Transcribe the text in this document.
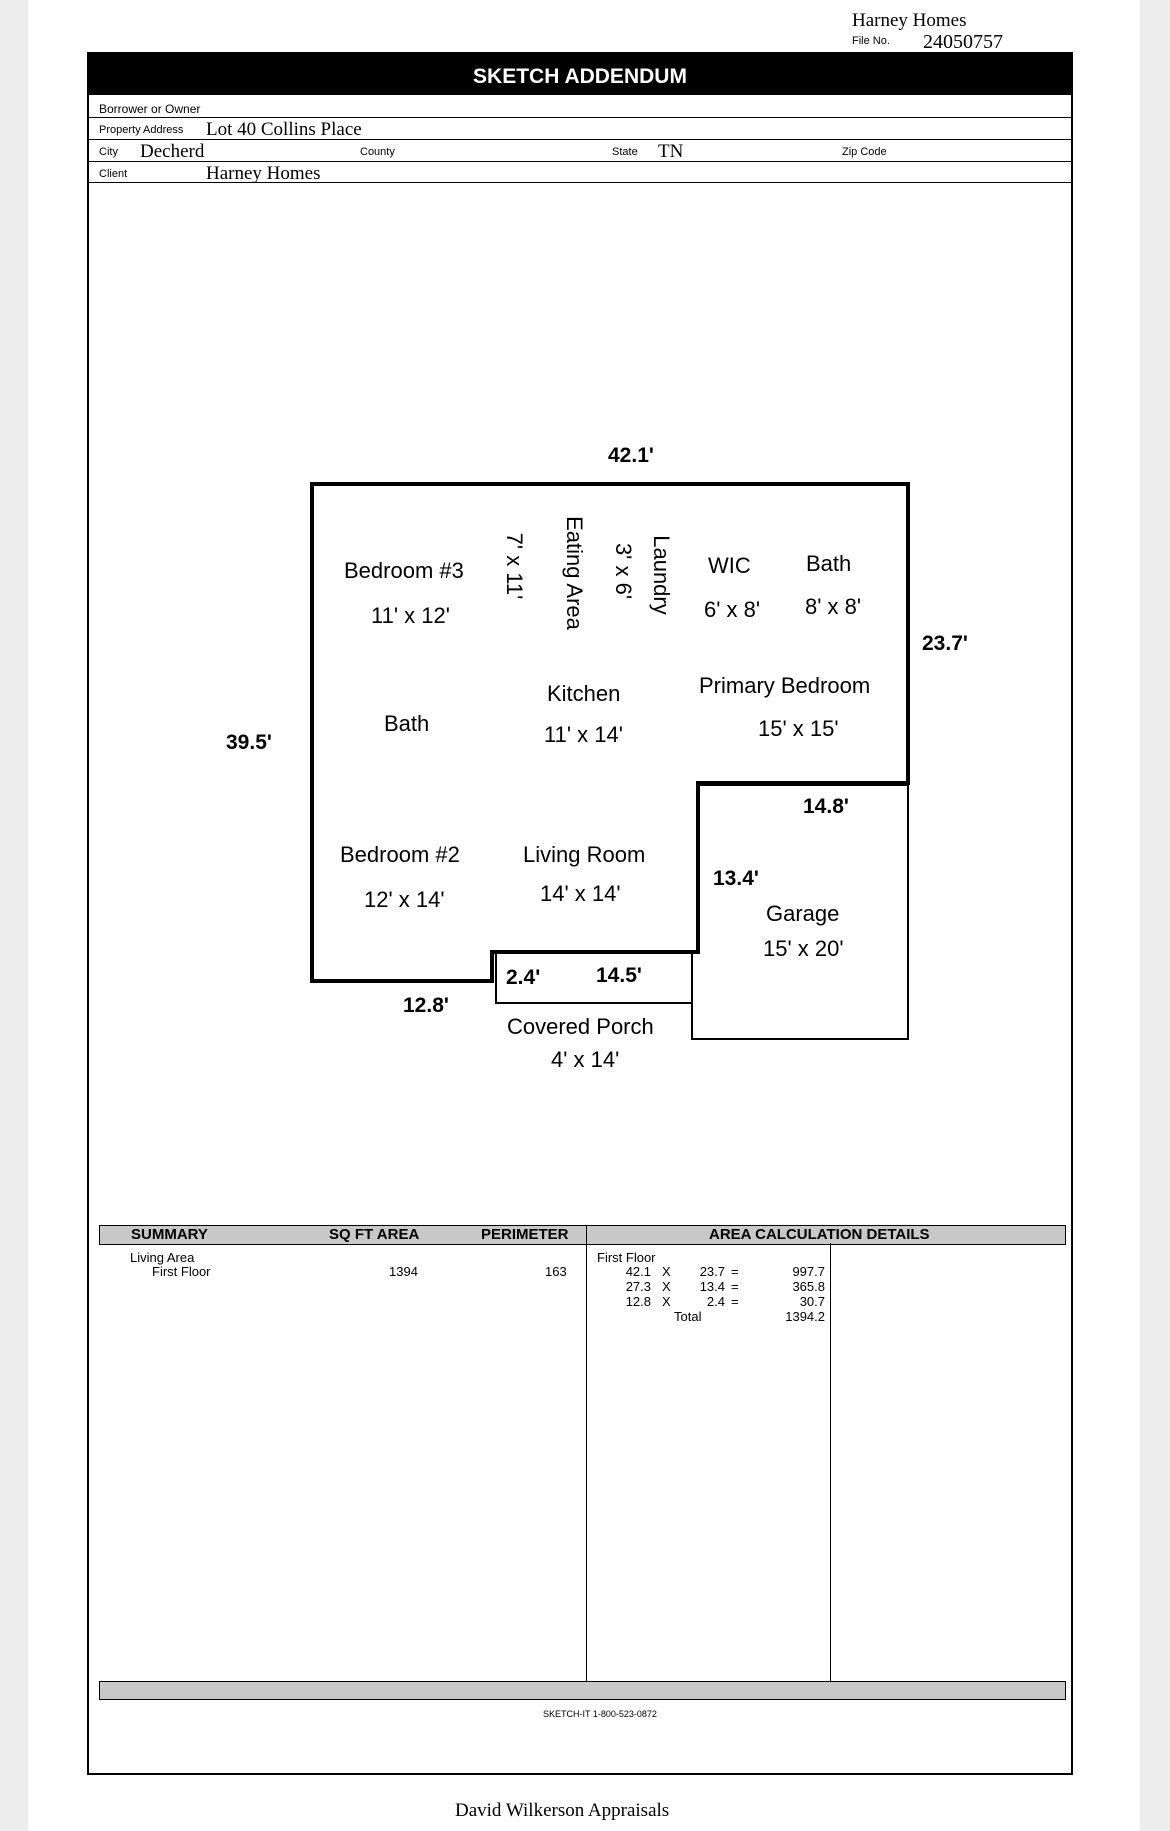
Harney Homes
File No. 24050757
SKETCH ADDENDUM
Borrower or Owner
Property Address Lot 40 Collins Place
City Decherd	County	State TN	Zip Code
Client	Harney Homes
42.1'
39.5'
23.7'
14.8'
13.4'
12.8'
2.4'	14.5'
Bedroom #3
11' x 12'
7' x 11' Eating Area 3' x 6' Laundry WIC
6' x 8'
Bath
8' x 8'
Kitchen
11' x 14'
Primary Bedroom
15' x 15'
Bath
Bedroom #2
12' x 14'
Living Room
14' x 14'
Garage
15' x 20'
Covered Porch
4' x 14'
SUMMARY	SQ FT AREA	PERIMETER	AREA CALCULATION DETAILS
Living Area
First Floor	1394	163
First Floor
42.1 X 23.7 =	997.7
27.3 X 13.4 =	365.8
12.8 X	2.4 =	30.7
Total	1394.2
SKETCH-IT 1-800-523-0872
David Wilkerson Appraisals
